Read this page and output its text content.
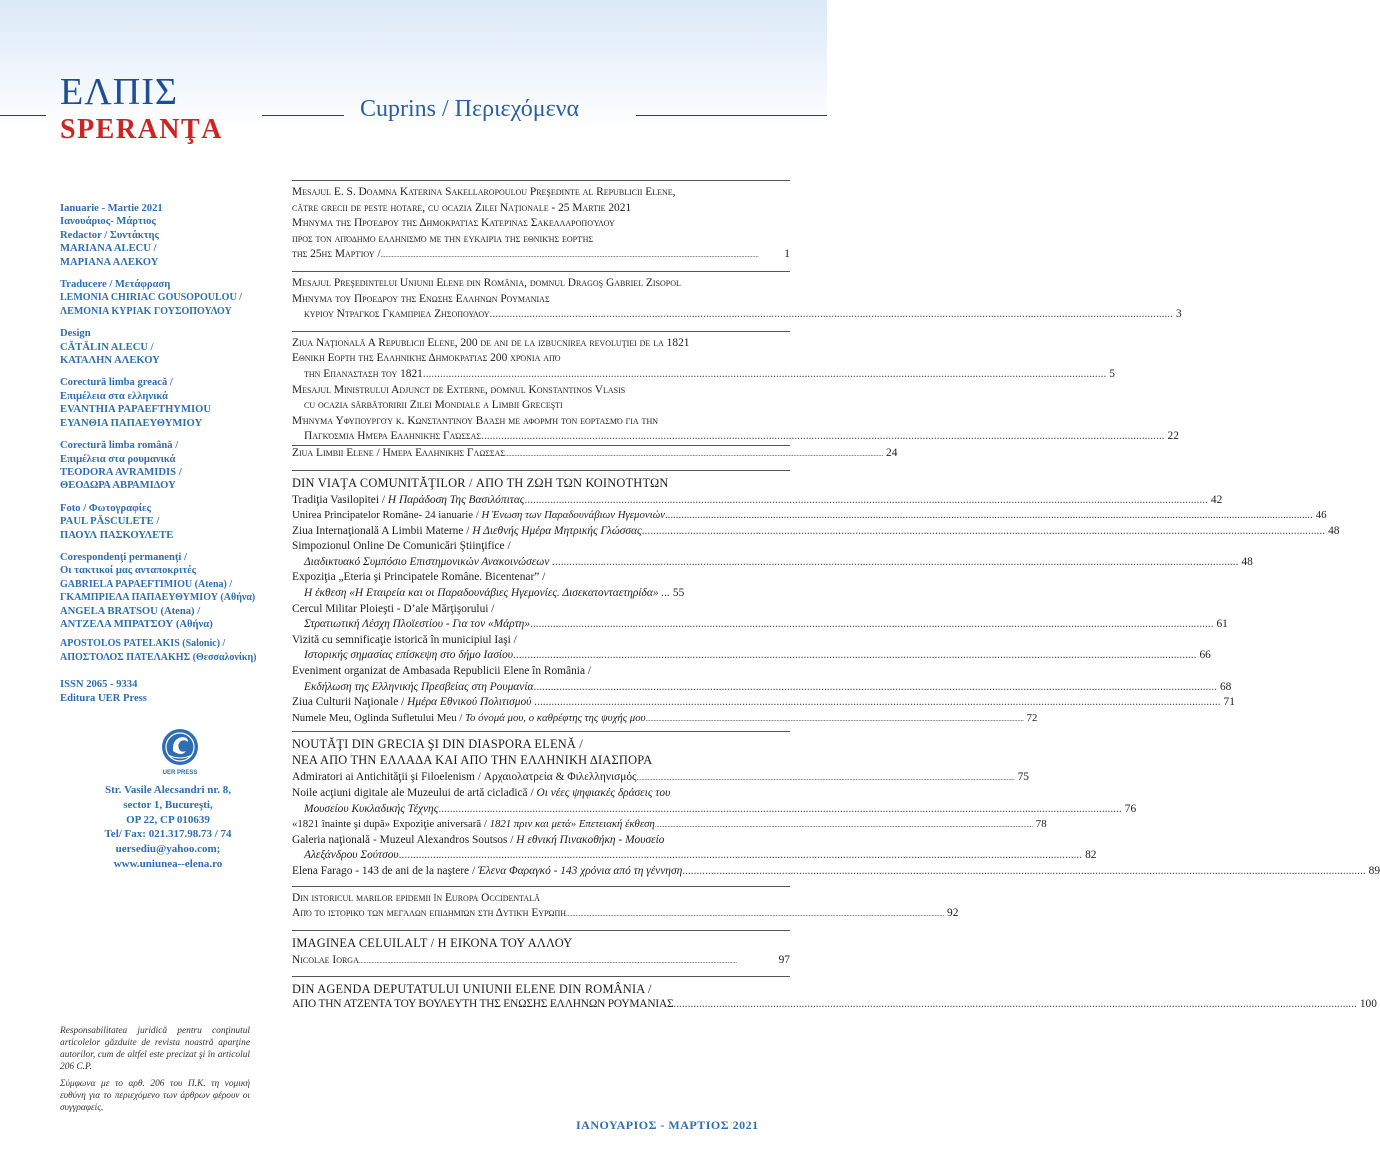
ΕΛΠΙΣ
SPERANŢA
Cuprins / Περιεχόμενα
Ianuarie - Martie 2021
Ιανουάριος- Μάρτιος
Redactor / Συντάκτης
MARIANA ALECU /
ΜΑΡΙΑΝΑ ΑΛΕΚΟΥ
Traducere / Μετάφραση
LEMONIA CHIRIAC GOUSOPOULOU /
ΛΕΜΟΝΙΑ ΚΥΡΙΑΚ ΓΟΥΣΟΠΟΥΛΟΥ
Design
CĂTĂLIN ALECU /
ΚΑΤΑΛΗΝ ΑΛΕΚΟΥ
Corectură limba greacă /
Επιμέλεια στα ελληνικά
EVANTHIA PAPAEFTHYMIOU
ΕΥΑΝΘΙΑ ΠΑΠΑΕΥΘΥΜΙΟΥ
Corectură limba română /
Επιμέλεια στα ρουμανικά
TEODORA AVRAMIDIS /
ΘΕΟΔΩΡΑ ΑΒΡΑΜΙΔΟΥ
Foto / Φωτογραφίες
PAUL PĂSCULETE /
ΠΑΟΥΛ ΠΑΣΚΟΥΛΕΤΕ
Corespondenţi permanenţi /
Οι τακτικοί μας ανταποκριτές
GABRIELA PAPAEFTIMIOU (Atena) /
ΓΚΑΜΠΡΙΕΛΑ ΠΑΠΑΕΥΘΥΜΙΟΥ (Αθήνα)
ANGELA BRATSOU (Atena) /
ΑΝΤΖΕΛΑ ΜΠΡΑΤΣΟΥ (Αθήνα)
APOSTOLOS PATELAKIS (Salonic) /
ΑΠΟΣΤΟΛΟΣ ΠΑΤΕΛΑΚΗΣ (Θεσσαλονίκη)
ISSN 2065 - 9334
Editura UER Press
UER PRESS
Str. Vasile Alecsandri nr. 8,
sector 1, Bucureşti,
OP 22, CP 010639
Tel/ Fax: 021.317.98.73 / 74
uersediu@yahoo.com;
www.uniunea--elena.ro
Responsabilitatea juridică pentru conţinutul articolelor găzduite de revista noastră aparţine autorilor, cum de altfel este precizat şi în articolul 206 C.P.
Σύμφωνα με το αρθ. 206 του Π.Κ. τη νομική ευθύνη για το περιεχόμενο των άρθρων φέρουν οι συγγραφείς.
Mesajul E. S. Doamna Katerina Sakellaropoulou Preşedinte al Republicii Elene,
către grecii de peste hotare, cu ocazia Zilei Naţionale - 25 Martie 2021
Μήνυμα της Προέδρου της Δημοκρατίας Κατερίνας Σακελλαροπούλου
προς τον απόδημο ελληνισμό με την ευκαιρία της εθνικής εορτής
της 25ης Μαρτίου / .....	1
Mesajul Preşedintelui Uniunii Elene din România, domnul Dragoş Gabriel Zisopol
Μηνυμα του Προεδρου της Ενωσης Ελληνων Ρουμανιας
κυριου Ντραγκος Γκαμπριελ Ζησοπουλου .....	3
Ziua Naţională A Republicii Elene, 200 de ani de la izbucnirea revoluţiei de la 1821
Εθνικη Εορτη της Ελληνικής Δημοκρατίας 200 χρόνια από
την Επανάσταση του 1821 .....	5
Mesajul Ministrului Adjunct de Externe, domnul Konstantinos Vlasis
cu ocazia sărbătoririi Zilei Mondiale a Limbii Greceşti
Μήνυμα Υφυπουργού κ. Κωνσταντίνου Βλάση με αφορμή τον εορτασμό για την
Παγκόσμια Ημέρα Ελληνικής Γλώσσας .....	22
Ziua Limbii Elene / Ημερα Ελληνικης Γλωσσας .....	24
DIN VIAŢA COMUNITĂŢILOR / ΑΠΟ ΤΗ ΖΩΗ ΤΩΝ ΚΟΙΝΟΤΗΤΩΝ
Tradiţia Vasilopitei / Η Παράδοση Της Βασιλόπιτας .....	42
Unirea Principatelor Române- 24 ianuarie / Η Ένωση των Παραδουνάβιων Ηγεμονιών .....	46
Ziua Internaţională A Limbii Materne / Η Διεθνής Ημέρα Μητρικής Γλώσσας .....	48
Simpozionul Online De Comunicări Ştiinţifice /
Διαδικτυακό Συμπόσιο Επιστημονικών Ανακοινώσεων . .....	48
Expoziţia „Eteria şi Principatele Române. Bicentenar” /
Η έκθεση «Η Εταιρεία και οι Παραδουνάβιες Ηγεμονίες. Δισεκατονταετηρίδα» ... 55
Cercul Militar Ploieşti - D’ale Mărţişorului /
Στρατιωτική Λέσχη Πλοϊεστίου - Για τον «Μάρτη» .....	61
Vizită cu semnificaţie istorică în municipiul Iaşi /
Ιστορικής σημασίας επίσκεψη στο δήμο Ιασίου .....	66
Eveniment organizat de Ambasada Republicii Elene în România /
Εκδήλωση της Ελληνικής Πρεσβείας στη Ρουμανία .....	68
Ziua Culturii Naţionale / Ημέρα Εθνικού Πολιτισμού . .....	71
Numele Meu, Oglinda Sufletului Meu / Το όνομά μου, ο καθρέφτης της ψυχής μου .....	72
NOUTĂŢI DIN GRECIA ŞI DIN DIASPORA ELENĂ /
ΝΕΑ ΑΠΟ ΤΗΝ ΕΛΛΑΔΑ ΚΑΙ ΑΠΟ ΤΗΝ ΕΛΛΗΝΙΚΗ ΔΙΑΣΠΟΡΑ
Admiratori ai Antichităţii şi Filoelenism / Αρχαιολατρεία & Φιλελληνισμός .....	75
Noile acţiuni digitale ale Muzeului de artă cicladică / Οι νέες ψηφιακές δράσεις του
Μουσείου Κυκλαδικής Τέχνης .....	76
«1821 înainte şi după» Expoziţie aniversară / 1821 πριν και μετά» Επετειακή έκθεση .....	78
Galeria naţională - Muzeul Alexandros Soutsos / Η εθνική Πινακοθήκη - Μουσείο
Αλεξάνδρου Σούτσου .....	82
Elena Farago - 143 de ani de la naştere / Έλενα Φαραγκό - 143 χρόνια από τη γέννηση .....	89
Din istoricul marilor epidemii în Europa Occidentală
Από το ιστορικό των μεγάλων επιδημιών στη Δυτική Ευρώπη .....	92
IMAGINEA CELUILALT / Η ΕΙΚΟΝΑ ΤΟΥ ΑΛΛΟΥ
Nicolae Iorga .....	97
DIN AGENDA DEPUTATULUI UNIUNII ELENE DIN ROMÂNIA /
ΑΠΟ ΤΗΝ ΑΤΖΕΝΤΑ ΤΟΥ ΒΟΥΛΕΥΤΗ ΤΗΣ ΕΝΩΣΗΣ ΕΛΛΗΝΩΝ ΡΟΥΜΑΝΙΑΣ .....	100
ΙΑΝΟΥΑΡΙΟΣ - ΜΑΡΤΙΟΣ 2021
